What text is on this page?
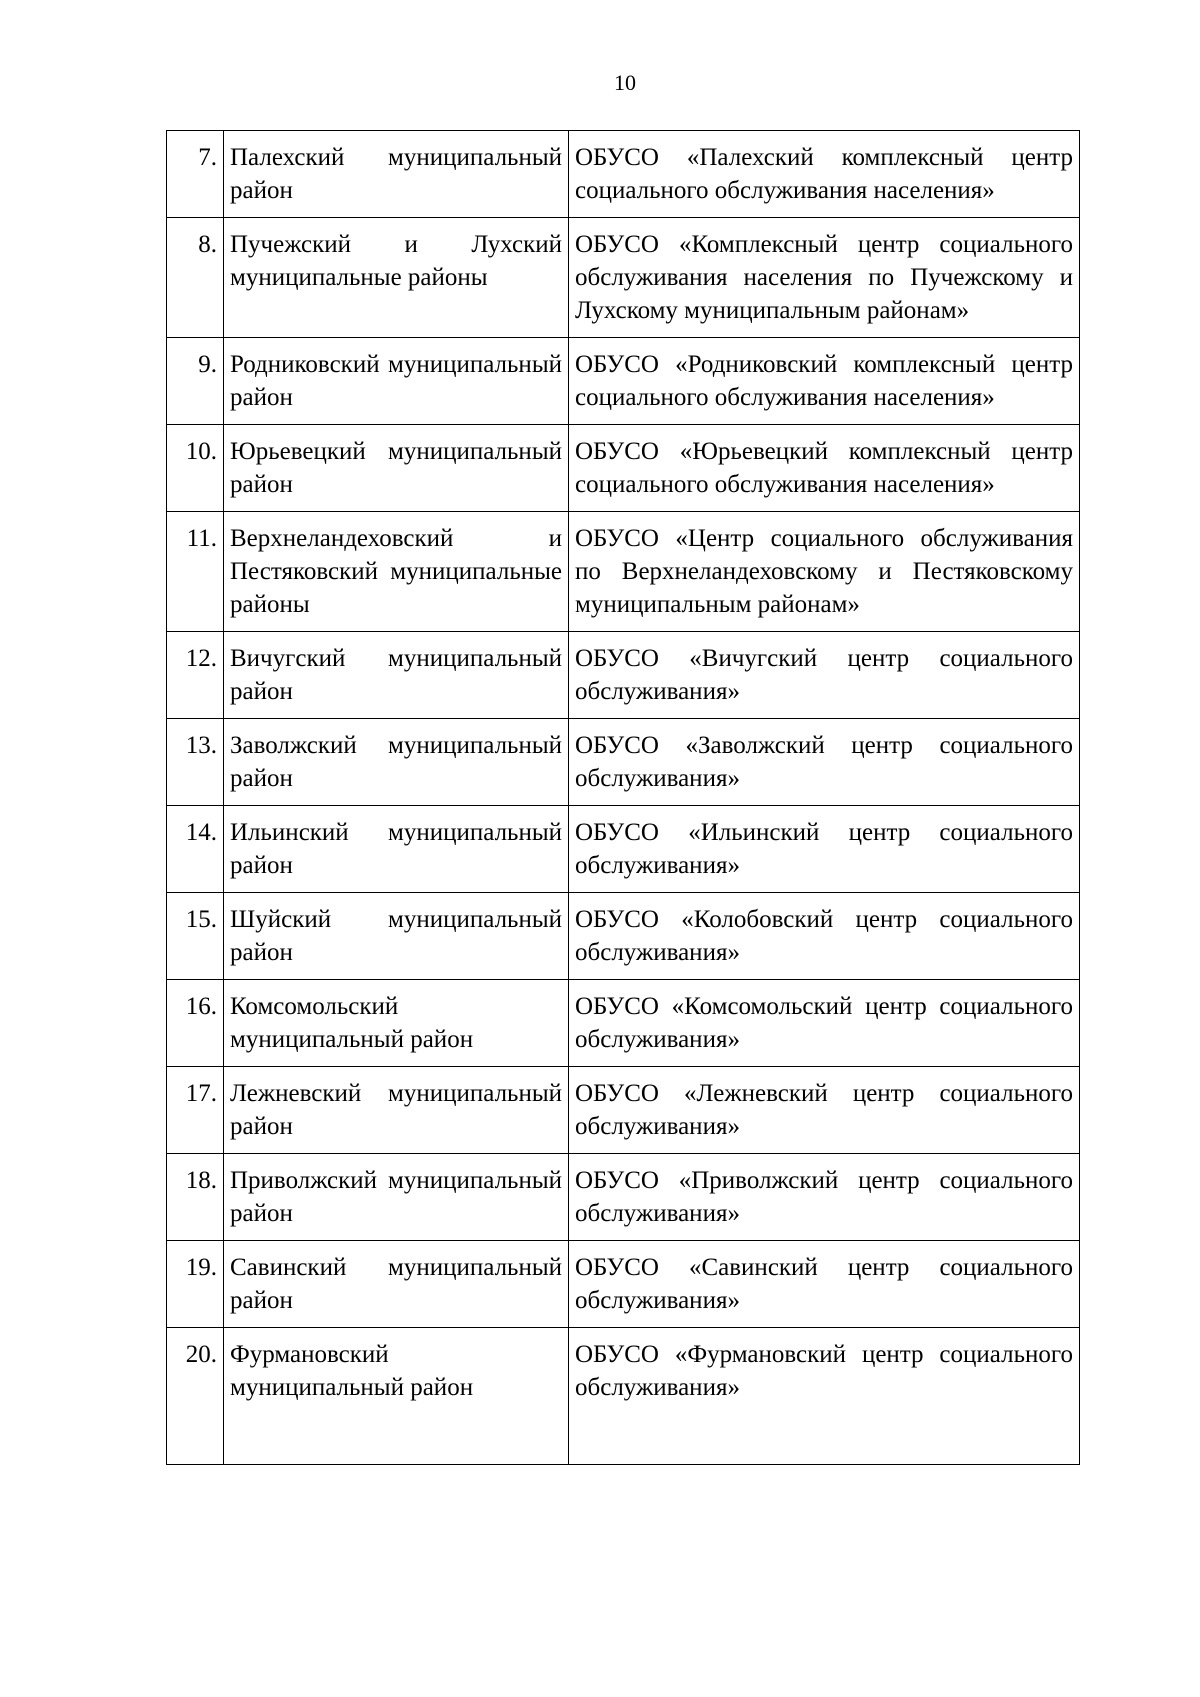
10
7.	Палехский муниципальный район	ОБУСО «Палехский комплексный центр социального обслуживания населения»
8.	Пучежский и Лухский муниципальные районы	ОБУСО «Комплексный центр социального обслуживания населения по Пучежскому и Лухскому муниципальным районам»
9.	Родниковский муниципальный район	ОБУСО «Родниковский комплексный центр социального обслуживания населения»
10.	Юрьевецкий муниципальный район	ОБУСО «Юрьевецкий комплексный центр социального обслуживания населения»
11.	Верхнеландеховский и Пестяковский муниципальные районы	ОБУСО «Центр социального обслуживания по Верхнеландеховскому и Пестяковскому муниципальным районам»
12.	Вичугский муниципальный район	ОБУСО «Вичугский центр социального обслуживания»
13.	Заволжский муниципальный район	ОБУСО «Заволжский центр социального обслуживания»
14.	Ильинский муниципальный район	ОБУСО «Ильинский центр социального обслуживания»
15.	Шуйский муниципальный район	ОБУСО «Колобовский центр социального обслуживания»
16.	Комсомольский муниципальный район	ОБУСО «Комсомольский центр социального обслуживания»
17.	Лежневский муниципальный район	ОБУСО «Лежневский центр социального обслуживания»
18.	Приволжский муниципальный район	ОБУСО «Приволжский центр социального обслуживания»
19.	Савинский муниципальный район	ОБУСО «Савинский центр социального обслуживания»
20.	Фурмановский муниципальный район	ОБУСО «Фурмановский центр социального обслуживания»
